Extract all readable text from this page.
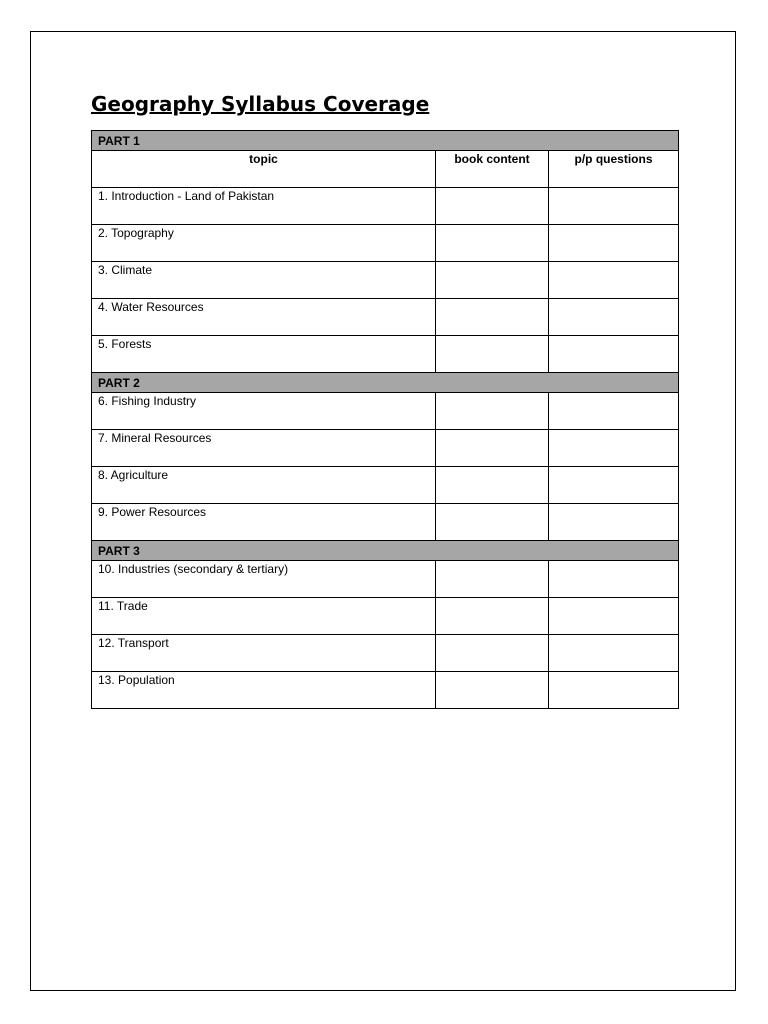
Geography Syllabus Coverage
PART 1		
topic	book content	p/p questions
1. Introduction - Land of Pakistan		
2. Topography		
3. Climate		
4. Water Resources		
5. Forests		
PART 2		
6. Fishing Industry		
7. Mineral Resources		
8. Agriculture		
9. Power Resources		
PART 3		
10. Industries (secondary & tertiary)		
11. Trade		
12. Transport		
13. Population		
